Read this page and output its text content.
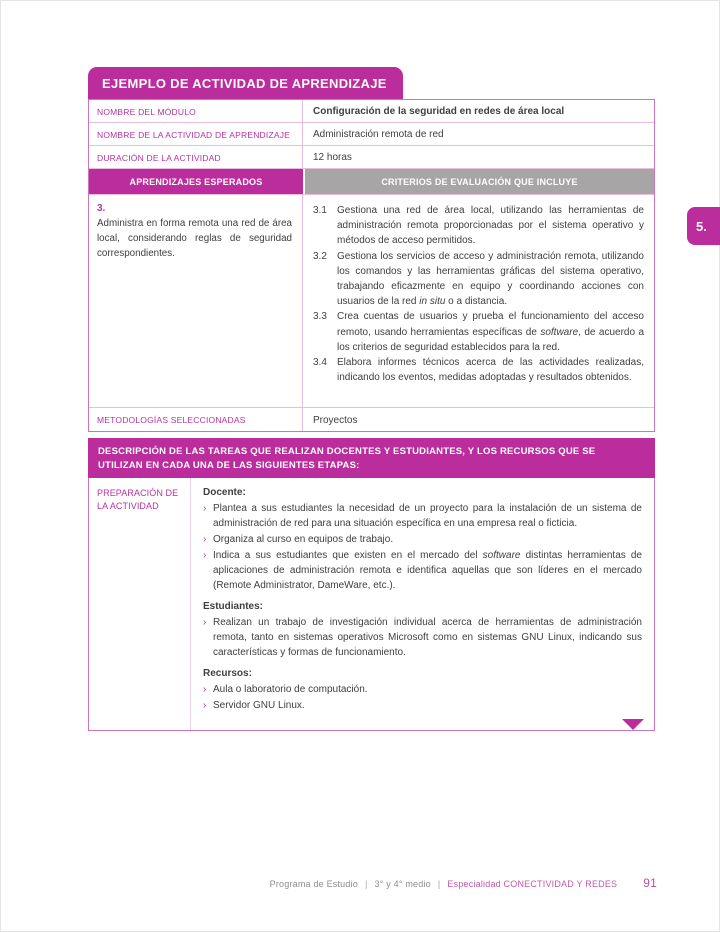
EJEMPLO DE ACTIVIDAD DE APRENDIZAJE
NOMBRE DEL MÓDULO	Configuración de la seguridad en redes de área local
NOMBRE DE LA ACTIVIDAD DE APRENDIZAJE	Administración remota de red
DURACIÓN DE LA ACTIVIDAD	12 horas
APRENDIZAJES ESPERADOS	CRITERIOS DE EVALUACIÓN QUE INCLUYE
3.
Administra en forma remota una red de área local, considerando reglas de seguridad correspondientes.
3.1	Gestiona una red de área local, utilizando las herramientas de administración remota proporcionadas por el sistema operativo y métodos de acceso permitidos.
3.2	Gestiona los servicios de acceso y administración remota, utilizando los comandos y las herramientas gráficas del sistema operativo, trabajando eficazmente en equipo y coordinando acciones con usuarios de la red in situ o a distancia.
3.3	Crea cuentas de usuarios y prueba el funcionamiento del acceso remoto, usando herramientas específicas de software, de acuerdo a los criterios de seguridad establecidos para la red.
3.4	Elabora informes técnicos acerca de las actividades realizadas, indicando los eventos, medidas adoptadas y resultados obtenidos.
METODOLOGÍAS SELECCIONADAS	Proyectos
DESCRIPCIÓN DE LAS TAREAS QUE REALIZAN DOCENTES Y ESTUDIANTES, Y LOS RECURSOS QUE SE UTILIZAN EN CADA UNA DE LAS SIGUIENTES ETAPAS:
PREPARACIÓN DE LA ACTIVIDAD
Docente:
› Plantea a sus estudiantes la necesidad de un proyecto para la instalación de un sistema de administración de red para una situación específica en una empresa real o ficticia.
› Organiza al curso en equipos de trabajo.
› Indica a sus estudiantes que existen en el mercado del software distintas herramientas de aplicaciones de administración remota e identifica aquellas que son líderes en el mercado (Remote Administrator, DameWare, etc.).
Estudiantes:
› Realizan un trabajo de investigación individual acerca de herramientas de administración remota, tanto en sistemas operativos Microsoft como en sistemas GNU Linux, indicando sus características y formas de funcionamiento.
Recursos:
› Aula o laboratorio de computación.
› Servidor GNU Linux.
5.
Programa de Estudio | 3° y 4° medio | Especialidad CONECTIVIDAD Y REDES 91
